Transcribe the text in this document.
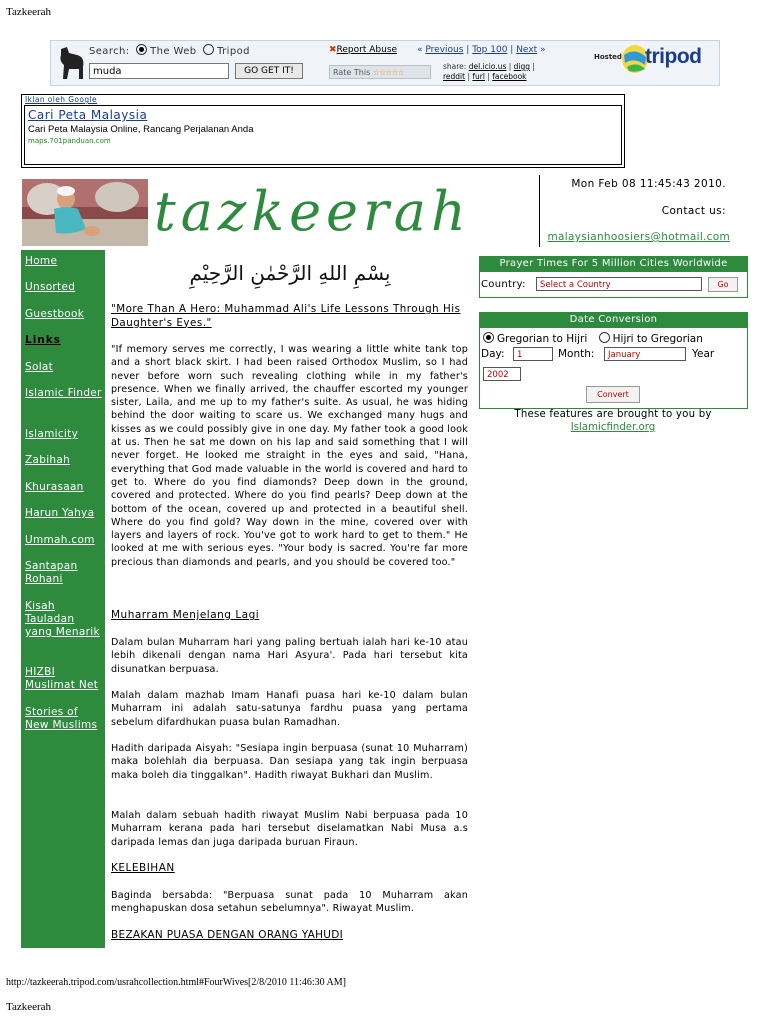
Tazkeerah
Search: The Web Tripod
muda
GO GET IT!
✖Report Abuse « Previous | Top 100 | Next »
Rate This ☆☆☆☆☆
share: del.icio.us | digg | reddit | furl | facebook
Hosted tripod
Iklan oleh Google
Cari Peta Malaysia
Cari Peta Malaysia Online, Rancang Perjalanan Anda
maps.701panduan.com
tazkeerah	Mon Feb 08 11:45:43 2010.
Contact us:
malaysianhoosiers@hotmail.com
Home
Unsorted
Guestbook
Links
Solat
Islamic Finder
Islamicity
Zabihah
Khurasaan
Harun Yahya
Ummah.com
Santapan Rohani
Kisah Tauladan yang Menarik
HIZBI Muslimat Net
Stories of New Muslims
بِسْمِ اللهِ الرَّحْمٰنِ الرَّحِيْمِ
"More Than A Hero: Muhammad Ali's Life Lessons Through His Daughter's Eyes."
"If memory serves me correctly, I was wearing a little white tank top and a short black skirt. I had been raised Orthodox Muslim, so I had never before worn such revealing clothing while in my father's presence. When we finally arrived, the chauffer escorted my younger sister, Laila, and me up to my father's suite. As usual, he was hiding behind the door waiting to scare us. We exchanged many hugs and kisses as we could possibly give in one day. My father took a good look at us. Then he sat me down on his lap and said something that I will never forget. He looked me straight in the eyes and said, "Hana, everything that God made valuable in the world is covered and hard to get to. Where do you find diamonds? Deep down in the ground, covered and protected. Where do you find pearls? Deep down at the bottom of the ocean, covered up and protected in a beautiful shell. Where do you find gold? Way down in the mine, covered over with layers and layers of rock. You've got to work hard to get to them." He looked at me with serious eyes. "Your body is sacred. You're far more precious than diamonds and pearls, and you should be covered too."
Muharram Menjelang Lagi
Dalam bulan Muharram hari yang paling bertuah ialah hari ke-10 atau lebih dikenali dengan nama Hari Asyura'. Pada hari tersebut kita disunatkan berpuasa.
Malah dalam mazhab Imam Hanafi puasa hari ke-10 dalam bulan Muharram ini adalah satu-satunya fardhu puasa yang pertama sebelum difardhukan puasa bulan Ramadhan.
Hadith daripada Aisyah: "Sesiapa ingin berpuasa (sunat 10 Muharram) maka bolehlah dia berpuasa. Dan sesiapa yang tak ingin berpuasa maka boleh dia tinggalkan". Hadith riwayat Bukhari dan Muslim.
Malah dalam sebuah hadith riwayat Muslim Nabi berpuasa pada 10 Muharram kerana pada hari tersebut diselamatkan Nabi Musa a.s daripada lemas dan juga daripada buruan Firaun.
KELEBIHAN
Baginda bersabda: "Berpuasa sunat pada 10 Muharram akan menghapuskan dosa setahun sebelumnya". Riwayat Muslim.
BEZAKAN PUASA DENGAN ORANG YAHUDI
Prayer Times For 5 Million Cities Worldwide
Country:	Select a Country	Go
Date Conversion
Gregorian to Hijri Hijri to Gregorian
Day:	1	Month:	January	Year
2002
Convert
These features are brought to you by
Islamicfinder.org
http://tazkeerah.tripod.com/usrahcollection.html#FourWives[2/8/2010 11:46:30 AM]
Tazkeerah
